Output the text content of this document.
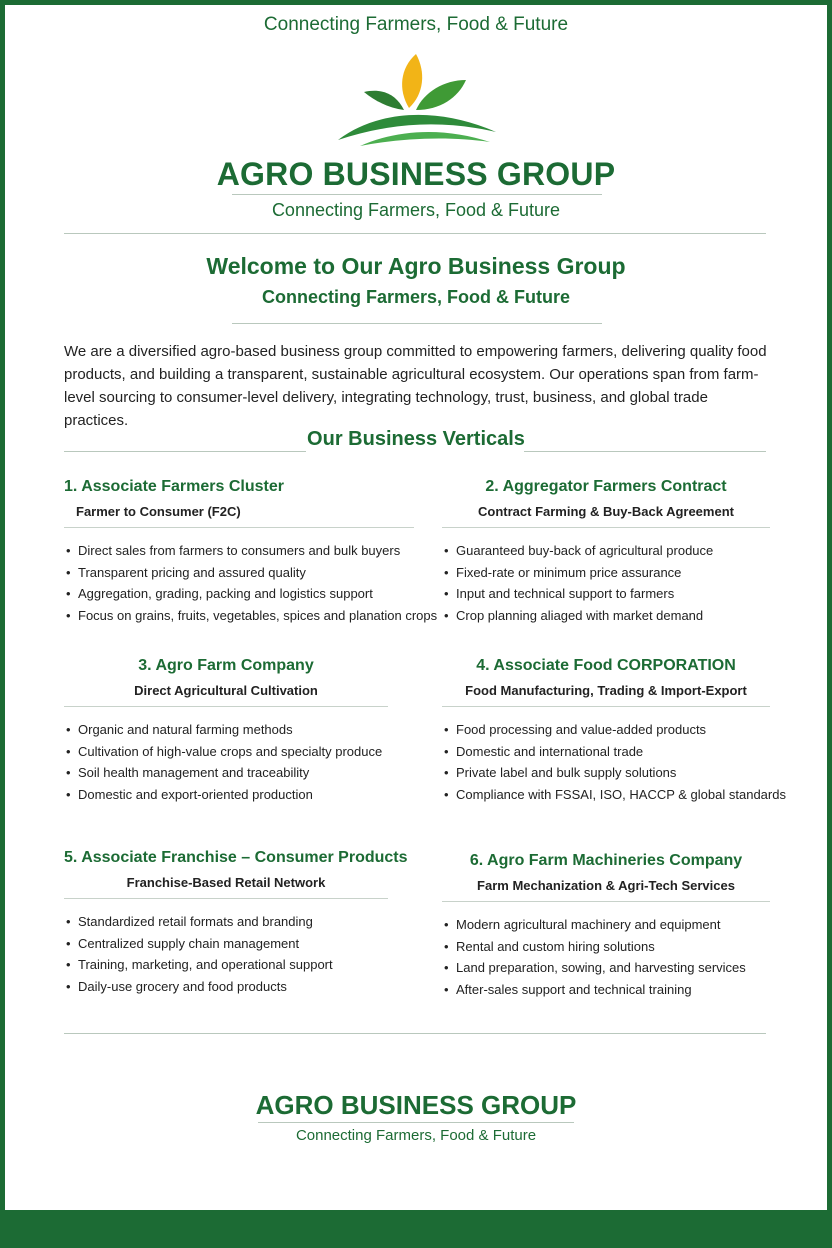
Connecting Farmers, Food & Future
AGRO BUSINESS GROUP
Connecting Farmers, Food & Future
Welcome to Our Agro Business Group
Connecting Farmers, Food & Future
We are a diversified agro-based business group committed to empowering farmers, delivering quality food products, and building a transparent, sustainable agricultural ecosystem. Our operations span from farm-level sourcing to consumer-level delivery, integrating technology, trust, business, and global trade practices.
Our Business Verticals
1. Associate Farmers Cluster
Farmer to Consumer (F2C)
• Direct sales from farmers to consumers and bulk buyers
• Transparent pricing and assured quality
• Aggregation, grading, packing and logistics support
• Focus on grains, fruits, vegetables, spices and planation crops
2. Aggregator Farmers Contract
Contract Farming & Buy-Back Agreement
• Guaranteed buy-back of agricultural produce
• Fixed-rate or minimum price assurance
• Input and technical support to farmers
• Crop planning aliaged with market demand
3. Agro Farm Company
Direct Agricultural Cultivation
• Organic and natural farming methods
• Cultivation of high-value crops and specialty produce
• Soil health management and traceability
• Domestic and export-oriented production
4. Associate Food CORPORATION
Food Manufacturing, Trading & Import-Export
• Food processing and value-added products
• Domestic and international trade
• Private label and bulk supply solutions
• Compliance with FSSAI, ISO, HACCP & global standards
5. Associate Franchise – Consumer Products
Franchise-Based Retail Network
• Standardized retail formats and branding
• Centralized supply chain management
• Training, marketing, and operational support
• Daily-use grocery and food products
6. Agro Farm Machineries Company
Farm Mechanization & Agri-Tech Services
• Modern agricultural machinery and equipment
• Rental and custom hiring solutions
• Land preparation, sowing, and harvesting services
• After-sales support and technical training
AGRO BUSINESS GROUP
Connecting Farmers, Food & Future
